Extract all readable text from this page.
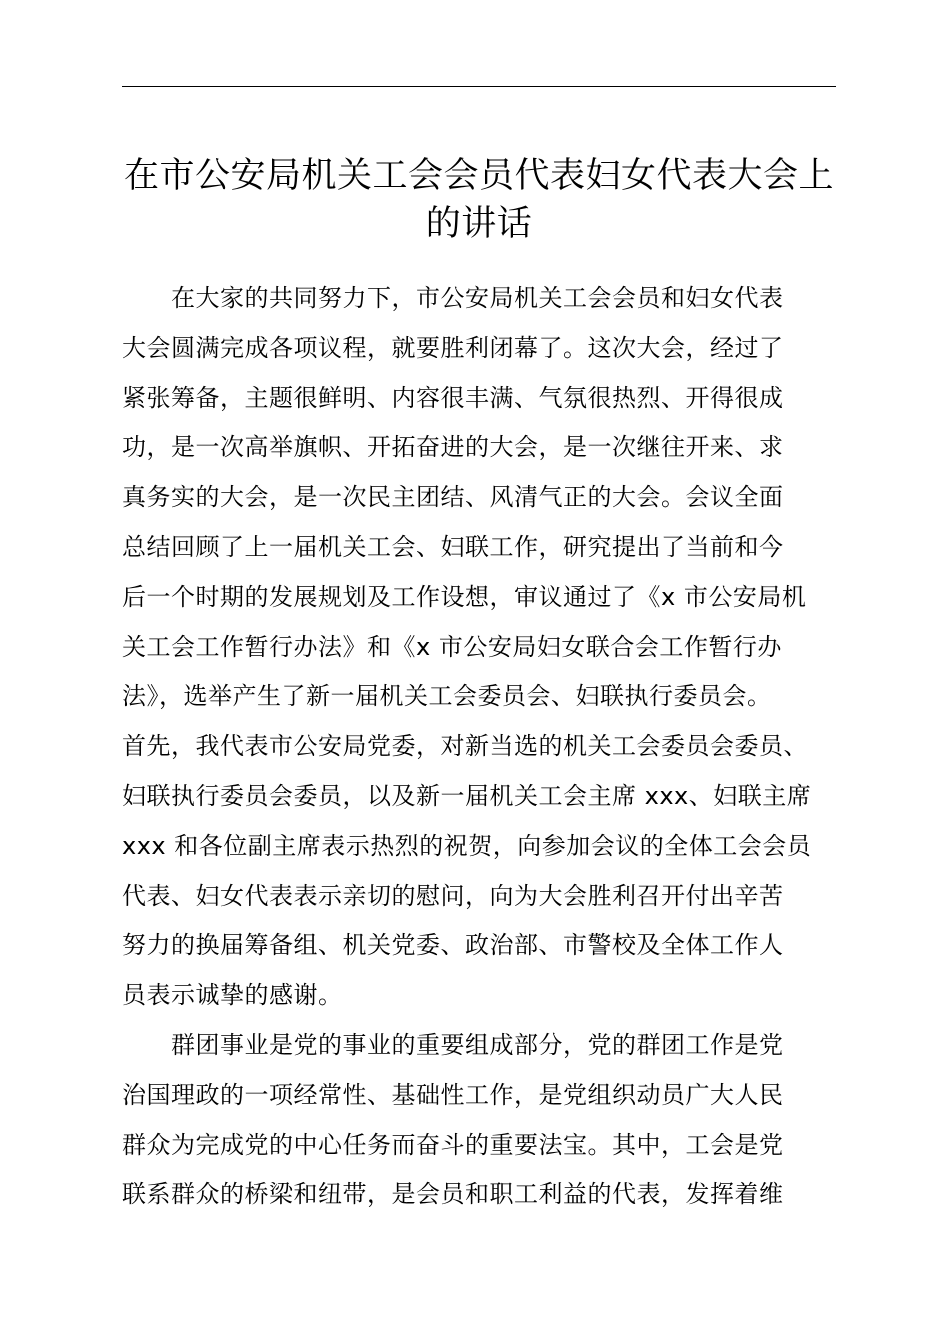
在市公安局机关工会会员代表妇女代表大会上
的讲话
　　在大家的共同努力下，市公安局机关工会会员和妇女代表
大会圆满完成各项议程，就要胜利闭幕了。这次大会，经过了
紧张筹备，主题很鲜明、内容很丰满、气氛很热烈、开得很成
功，是一次高举旗帜、开拓奋进的大会，是一次继往开来、求
真务实的大会，是一次民主团结、风清气正的大会。会议全面
总结回顾了上一届机关工会、妇联工作，研究提出了当前和今
后一个时期的发展规划及工作设想，审议通过了《x 市公安局机
关工会工作暂行办法》和《x 市公安局妇女联合会工作暂行办
法》，选举产生了新一届机关工会委员会、妇联执行委员会。
首先，我代表市公安局党委，对新当选的机关工会委员会委员、
妇联执行委员会委员，以及新一届机关工会主席 xxx、妇联主席
xxx 和各位副主席表示热烈的祝贺，向参加会议的全体工会会员
代表、妇女代表表示亲切的慰问，向为大会胜利召开付出辛苦
努力的换届筹备组、机关党委、政治部、市警校及全体工作人
员表示诚挚的感谢。
　　群团事业是党的事业的重要组成部分，党的群团工作是党
治国理政的一项经常性、基础性工作，是党组织动员广大人民
群众为完成党的中心任务而奋斗的重要法宝。其中，工会是党
联系群众的桥梁和纽带，是会员和职工利益的代表，发挥着维
